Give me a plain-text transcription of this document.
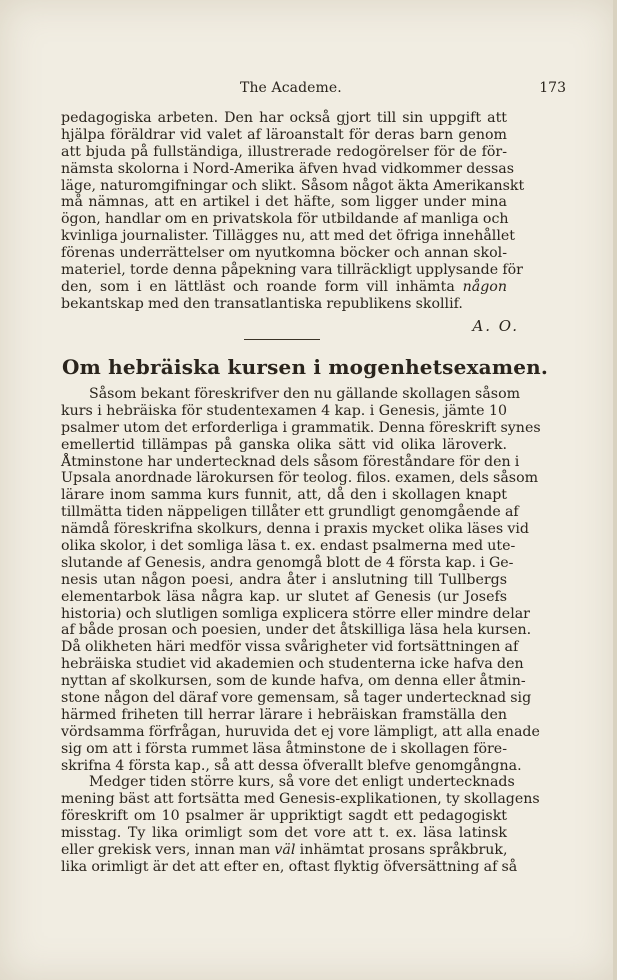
The Academe.	173
pedagogiska arbeten. Den har också gjort till sin uppgift att
hjälpa föräldrar vid valet af läroanstalt för deras barn genom
att bjuda på fullständiga, illustrerade redogörelser för de för-
nämsta skolorna i Nord-Amerika äfven hvad vidkommer dessas
läge, naturomgifningar och slikt. Såsom något äkta Amerikanskt
må nämnas, att en artikel i det häfte, som ligger under mina
ögon, handlar om en privatskola för utbildande af manliga och
kvinliga journalister. Tillägges nu, att med det öfriga innehållet
förenas underrättelser om nyutkomna böcker och annan skol-
materiel, torde denna påpekning vara tillräckligt upplysande för
den, som i en lättläst och roande form vill inhämta någon
bekantskap med den transatlantiska republikens skollif.
A. O.
Om hebräiska kursen i mogenhetsexamen.
Såsom bekant föreskrifver den nu gällande skollagen såsom
kurs i hebräiska för studentexamen 4 kap. i Genesis, jämte 10
psalmer utom det erforderliga i grammatik. Denna föreskrift synes
emellertid tillämpas på ganska olika sätt vid olika läroverk.
Åtminstone har undertecknad dels såsom föreståndare för den i
Upsala anordnade lärokursen för teolog. filos. examen, dels såsom
lärare inom samma kurs funnit, att, då den i skollagen knapt
tillmätta tiden näppeligen tillåter ett grundligt genomgående af
nämdå föreskrifna skolkurs, denna i praxis mycket olika läses vid
olika skolor, i det somliga läsa t. ex. endast psalmerna med ute-
slutande af Genesis, andra genomgå blott de 4 första kap. i Ge-
nesis utan någon poesi, andra åter i anslutning till Tullbergs
elementarbok läsa några kap. ur slutet af Genesis (ur Josefs
historia) och slutligen somliga explicera större eller mindre delar
af både prosan och poesien, under det åtskilliga läsa hela kursen.
Då olikheten häri medför vissa svårigheter vid fortsättningen af
hebräiska studiet vid akademien och studenterna icke hafva den
nyttan af skolkursen, som de kunde hafva, om denna eller åtmin-
stone någon del däraf vore gemensam, så tager undertecknad sig
härmed friheten till herrar lärare i hebräiskan framställa den
vördsamma förfrågan, huruvida det ej vore lämpligt, att alla enade
sig om att i första rummet läsa åtminstone de i skollagen före-
skrifna 4 första kap., så att dessa öfverallt blefve genomgångna.
Medger tiden större kurs, så vore det enligt undertecknads
mening bäst att fortsätta med Genesis-explikationen, ty skollagens
föreskrift om 10 psalmer är uppriktigt sagdt ett pedagogiskt
misstag. Ty lika orimligt som det vore att t. ex. läsa latinsk
eller grekisk vers, innan man väl inhämtat prosans språkbruk,
lika orimligt är det att efter en, oftast flyktig öfversättning af så
